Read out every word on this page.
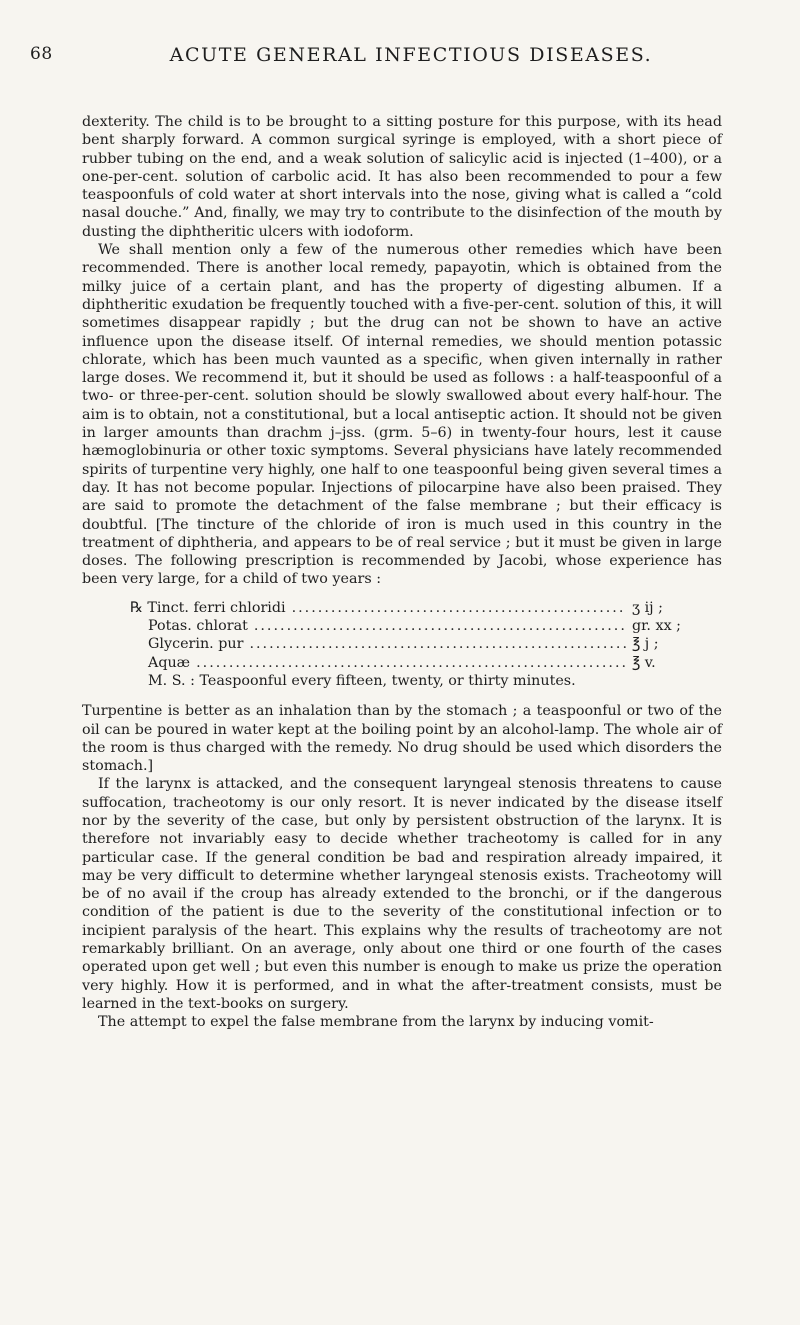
68	ACUTE GENERAL INFECTIOUS DISEASES.

dexterity. The child is to be brought to a sitting posture for this purpose, with its head bent sharply forward. A common surgical syringe is employed, with a short piece of rubber tubing on the end, and a weak solution of salicylic acid is injected (1–400), or a one-per-cent. solution of carbolic acid. It has also been recommended to pour a few teaspoonfuls of cold water at short intervals into the nose, giving what is called a “cold nasal douche.” And, finally, we may try to contribute to the disinfection of the mouth by dusting the diphtheritic ulcers with iodoform.

We shall mention only a few of the numerous other remedies which have been recommended. There is another local remedy, papayotin, which is obtained from the milky juice of a certain plant, and has the property of digesting albumen. If a diphtheritic exudation be frequently touched with a five-per-cent. solution of this, it will sometimes disappear rapidly ; but the drug can not be shown to have an active influence upon the disease itself. Of internal remedies, we should mention potassic chlorate, which has been much vaunted as a specific, when given internally in rather large doses. We recommend it, but it should be used as follows : a half-teaspoonful of a two- or three-per-cent. solution should be slowly swallowed about every half-hour. The aim is to obtain, not a constitutional, but a local antiseptic action. It should not be given in larger amounts than drachm j–jss. (grm. 5–6) in twenty-four hours, lest it cause hæmoglobinuria or other toxic symptoms. Several physicians have lately recommended spirits of turpentine very highly, one half to one teaspoonful being given several times a day. It has not become popular. Injections of pilocarpine have also been praised. They are said to promote the detachment of the false membrane ; but their efficacy is doubtful. [The tincture of the chloride of iron is much used in this country in the treatment of diphtheria, and appears to be of real service ; but it must be given in large doses. The following prescription is recommended by Jacobi, whose experience has been very large, for a child of two years :

℞ Tinct. ferri chloridi .....	ʒ ij ;
Potas. chlorat .....	gr. xx ;
Glycerin. pur .....	℥ j ;
Aquæ .....	℥ v.
M. S. : Teaspoonful every fifteen, twenty, or thirty minutes.

Turpentine is better as an inhalation than by the stomach ; a teaspoonful or two of the oil can be poured in water kept at the boiling point by an alcohol-lamp. The whole air of the room is thus charged with the remedy. No drug should be used which disorders the stomach.]

If the larynx is attacked, and the consequent laryngeal stenosis threatens to cause suffocation, tracheotomy is our only resort. It is never indicated by the disease itself nor by the severity of the case, but only by persistent obstruction of the larynx. It is therefore not invariably easy to decide whether tracheotomy is called for in any particular case. If the general condition be bad and respiration already impaired, it may be very difficult to determine whether laryngeal stenosis exists. Tracheotomy will be of no avail if the croup has already extended to the bronchi, or if the dangerous condition of the patient is due to the severity of the constitutional infection or to incipient paralysis of the heart. This explains why the results of tracheotomy are not remarkably brilliant. On an average, only about one third or one fourth of the cases operated upon get well ; but even this number is enough to make us prize the operation very highly. How it is performed, and in what the after-treatment consists, must be learned in the text-books on surgery.

The attempt to expel the false membrane from the larynx by inducing vomit-
